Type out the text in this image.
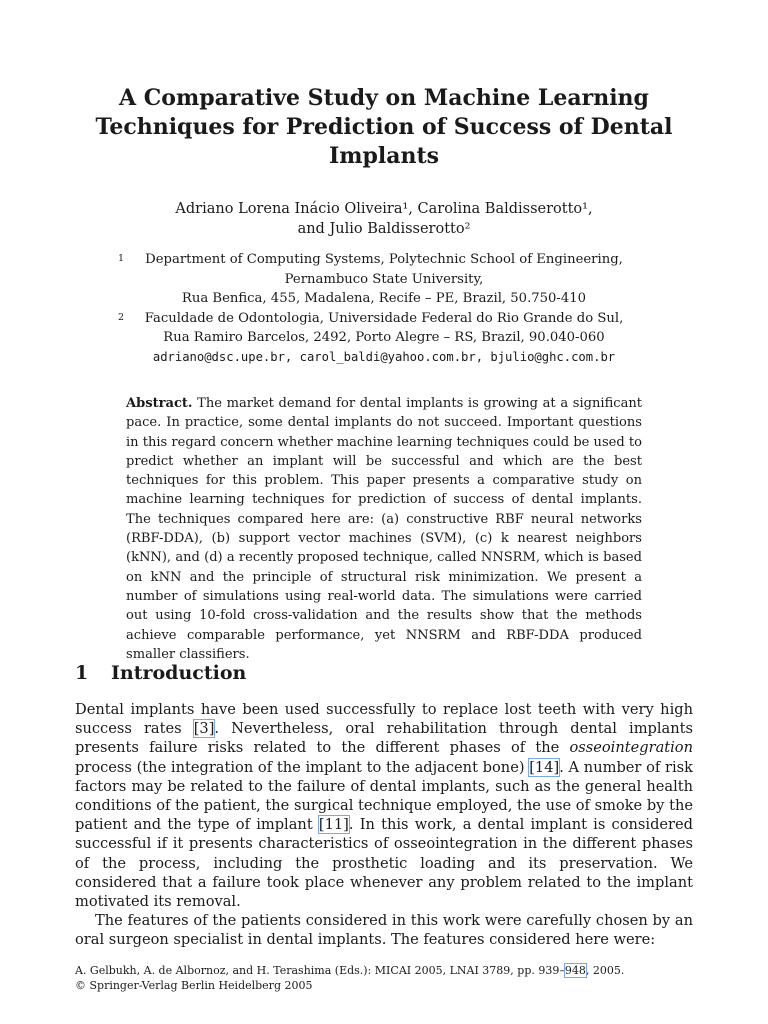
A Comparative Study on Machine Learning Techniques for Prediction of Success of Dental Implants
Adriano Lorena Inácio Oliveira¹, Carolina Baldisserotto¹,
and Julio Baldisserotto²
1	Department of Computing Systems, Polytechnic School of Engineering,
Pernambuco State University,
Rua Benfica, 455, Madalena, Recife – PE, Brazil, 50.750-410
2	Faculdade de Odontologia, Universidade Federal do Rio Grande do Sul,
Rua Ramiro Barcelos, 2492, Porto Alegre – RS, Brazil, 90.040-060
adriano@dsc.upe.br, carol_baldi@yahoo.com.br, bjulio@ghc.com.br
Abstract. The market demand for dental implants is growing at a significant pace. In practice, some dental implants do not succeed. Important questions in this regard concern whether machine learning techniques could be used to predict whether an implant will be successful and which are the best techniques for this problem. This paper presents a comparative study on machine learning techniques for prediction of success of dental implants. The techniques compared here are: (a) constructive RBF neural networks (RBF-DDA), (b) support vector machines (SVM), (c) k nearest neighbors (kNN), and (d) a recently proposed technique, called NNSRM, which is based on kNN and the principle of structural risk minimization. We present a number of simulations using real-world data. The simulations were carried out using 10-fold cross-validation and the results show that the methods achieve comparable performance, yet NNSRM and RBF-DDA produced smaller classifiers.
1 Introduction

Dental implants have been used successfully to replace lost teeth with very high success rates [3]. Nevertheless, oral rehabilitation through dental implants presents failure risks related to the different phases of the osseointegration process (the integration of the implant to the adjacent bone) [14]. A number of risk factors may be related to the failure of dental implants, such as the general health conditions of the patient, the surgical technique employed, the use of smoke by the patient and the type of implant [11]. In this work, a dental implant is considered successful if it presents characteristics of osseointegration in the different phases of the process, including the prosthetic loading and its preservation. We considered that a failure took place whenever any problem related to the implant motivated its removal.

The features of the patients considered in this work were carefully chosen by an oral surgeon specialist in dental implants. The features considered here were:

A. Gelbukh, A. de Albornoz, and H. Terashima (Eds.): MICAI 2005, LNAI 3789, pp. 939–948, 2005.
© Springer-Verlag Berlin Heidelberg 2005
